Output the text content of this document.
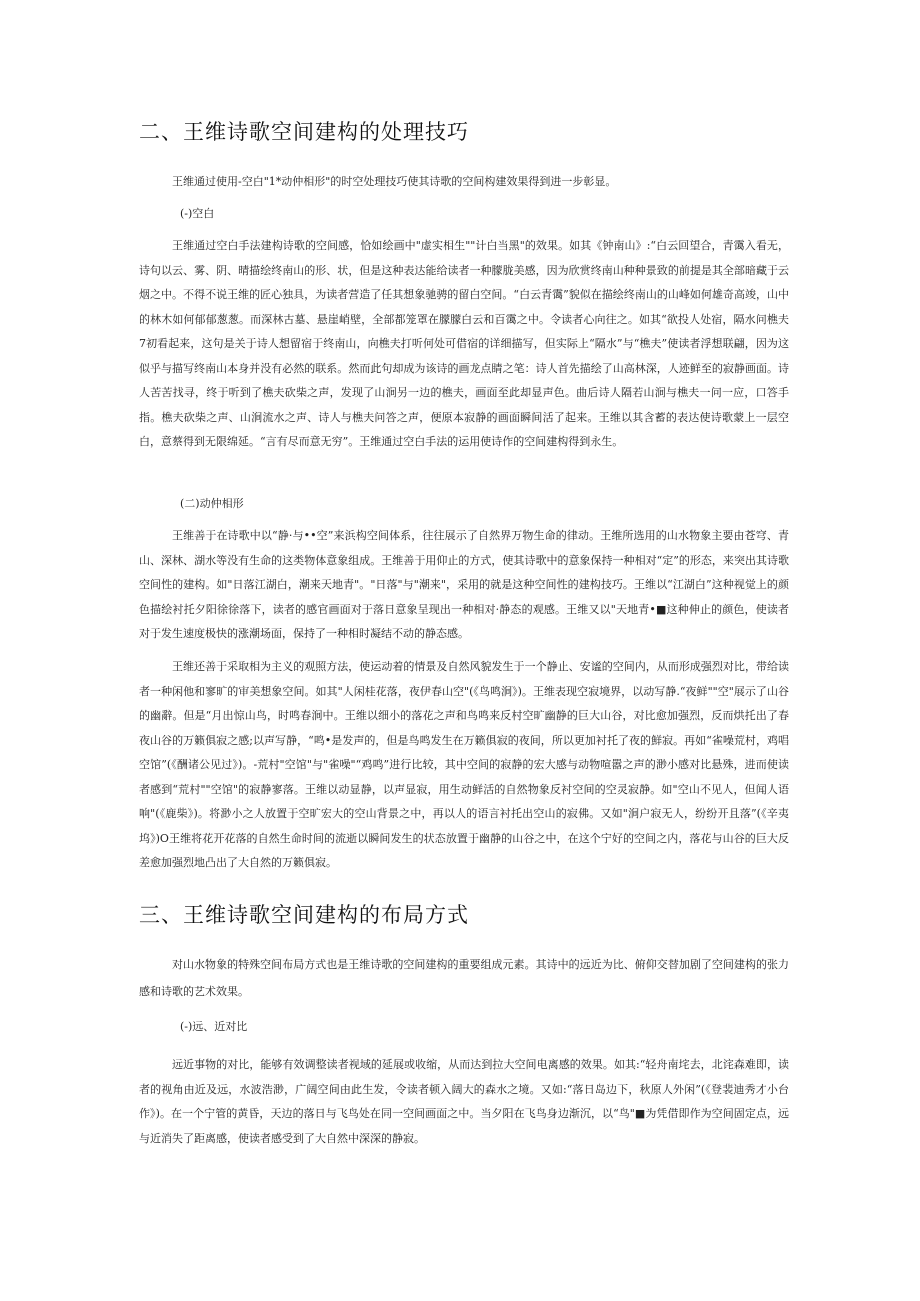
二、王维诗歌空间建构的处理技巧

王维通过使用-空白"1*动仲相形"的时空处理技巧使其诗歌的空间构建效果得到进一步彰显。

(-)空白

王维通过空白手法建构诗歌的空间感，恰如绘画中"虚实相生""计白当黑"的效果。如其《钟南山》:“白云回望合，青霭入看无，诗句以云、雾、阴、晴描绘终南山的形、状，但是这种表达能给读者一种朦胧美感，因为欣赏终南山种种景致的前提是其全部暗藏于云烟之中。不得不说王维的匠心独具，为读者营造了任其想象驰骋的留白空间。“白云青霭”貌似在描绘终南山的山峰如何雄奇高竣，山中的林木如何郁郁葱葱。而深林古墓、悬崖峭壁，全部都笼罩在朦朦白云和百霭之中。令读者心向往之。如其“欲投人处宿，隔水问樵夫7初看起来，这句是关于诗人想留宿于终南山，向樵夫打听何处可借宿的详细描写，但实际上“隔水”与“樵夫”使读者浮想联翩，因为这似乎与描写终南山本身并没有必然的联系。然而此句却成为该诗的画龙点睛之笔：诗人首先描绘了山高林深，人迹鲜至的寂静画面。诗人苦苦找寻，终于听到了樵夫砍柴之声，发现了山涧另一边的樵夫，画面至此却显声色。曲后诗人隔若山涧与樵夫一问一应，口答手指。樵夫砍柴之声、山涧流水之声、诗人与樵夫问答之声，便原本寂静的画面瞬间活了起来。王维以其含蓄的表达使诗歌蒙上一层空白，意蔡得到无限绵延。“言有尽而意无穷”。王维通过空白手法的运用使诗作的空间建构得到永生。

(二)动仲相形

王维善于在诗歌中以“静·与••空”来浜构空间体系，往往展示了自然界万物生命的律动。王维所选用的山水物象主要由苍穹、青山、深林、湖水等没有生命的这类物体意象组成。王维善于用仰止的方式，使其诗歌中的意象保持一种相对“定”的形态，来突出其诗歌空间性的建构。如"日落江湖白，潮来天地青"。"日落"与"潮来"，采用的就是这种空间性的建构技巧。王维以“江湖白”这种视觉上的颜色描绘衬托夕阳徐徐落下，读者的感官画面对于落日意象呈现出一种相对·静态的观感。王维又以"天地青•■这种伸止的颜色，使读者对于发生速度极快的涨潮场面，保持了一种相时凝结不动的静态感。

王维还善于采取相为主义的观照方法，使运动着的情景及自然风貌发生于一个静止、安谧的空间内，从而形成强烈对比，带给读者一种闲他和寥旷的审美想象空间。如其"人闲桂花落，夜伊春山空"(《鸟鸣涧》)。王维表现空寂境界，以动写静.“夜鲜""空"展示了山谷的幽辭。但是“月出惊山鸟，时鸣春涧中。王维以细小的落花之声和鸟鸣来反村空旷幽静的巨大山谷，对比愈加强烈，反而烘托出了春夜山谷的万籁俱寂之感;以声写静，“鸣•是发声的，但是鸟鸣发生在万籁俱寂的夜间，所以更加衬托了夜的鮮寂。再如“雀噪荒村，鸡唱空馆”(《酬诸公见过》)。-荒村"空馆"与"雀噪"“鸡鸣”进行比较，其中空间的寂静的宏大感与动物喧嚣之声的渺小感对比悬殊，进而使读者感到“荒村""空馆"的寂静寥落。王维以动显静，以声显寂，用生动鲜活的自然物象反衬空间的空灵寂静。如"空山不见人，但闻人语响"(《鹿柴》)。将渺小之人放置于空旷宏大的空山背景之中，再以人的语言衬托出空山的寂佛。又如"涧户寂无人，纷纷开且落”(《辛夷坞》)O王维将花开花落的自然生命时间的流逝以瞬间发生的状态放置于幽静的山谷之中，在这个宁好的空间之内，落花与山谷的巨大反差愈加强烈地凸出了大自然的万籁俱寂。

三、王维诗歌空间建构的布局方式

对山水物象的特殊空间布局方式也是王维诗歌的空间建构的重要组成元素。其诗中的远近为比、俯仰交替加剧了空间建构的张力感和诗歌的艺术效果。

(-)远、近对比

远近事物的对比，能够有效调整读者视域的延展或收缩，从而达到拉大空间电离感的效果。如其:“轻舟南垞去，北诧森难即，读者的视角由近及远，水波浩渺，广阔空间由此生发，令读者顿入阔大的森水之境。又如:“落日岛边下，秋原人外闲”(《登裴迪秀才小台作》)。在一个宁管的黄昏，天边的落日与飞鸟处在同一空间画面之中。当夕阳在飞鸟身边渐沉，以“鸟"■为凭借即作为空间固定点，远与近消失了距离感，使读者感受到了大自然中深深的静寂。
